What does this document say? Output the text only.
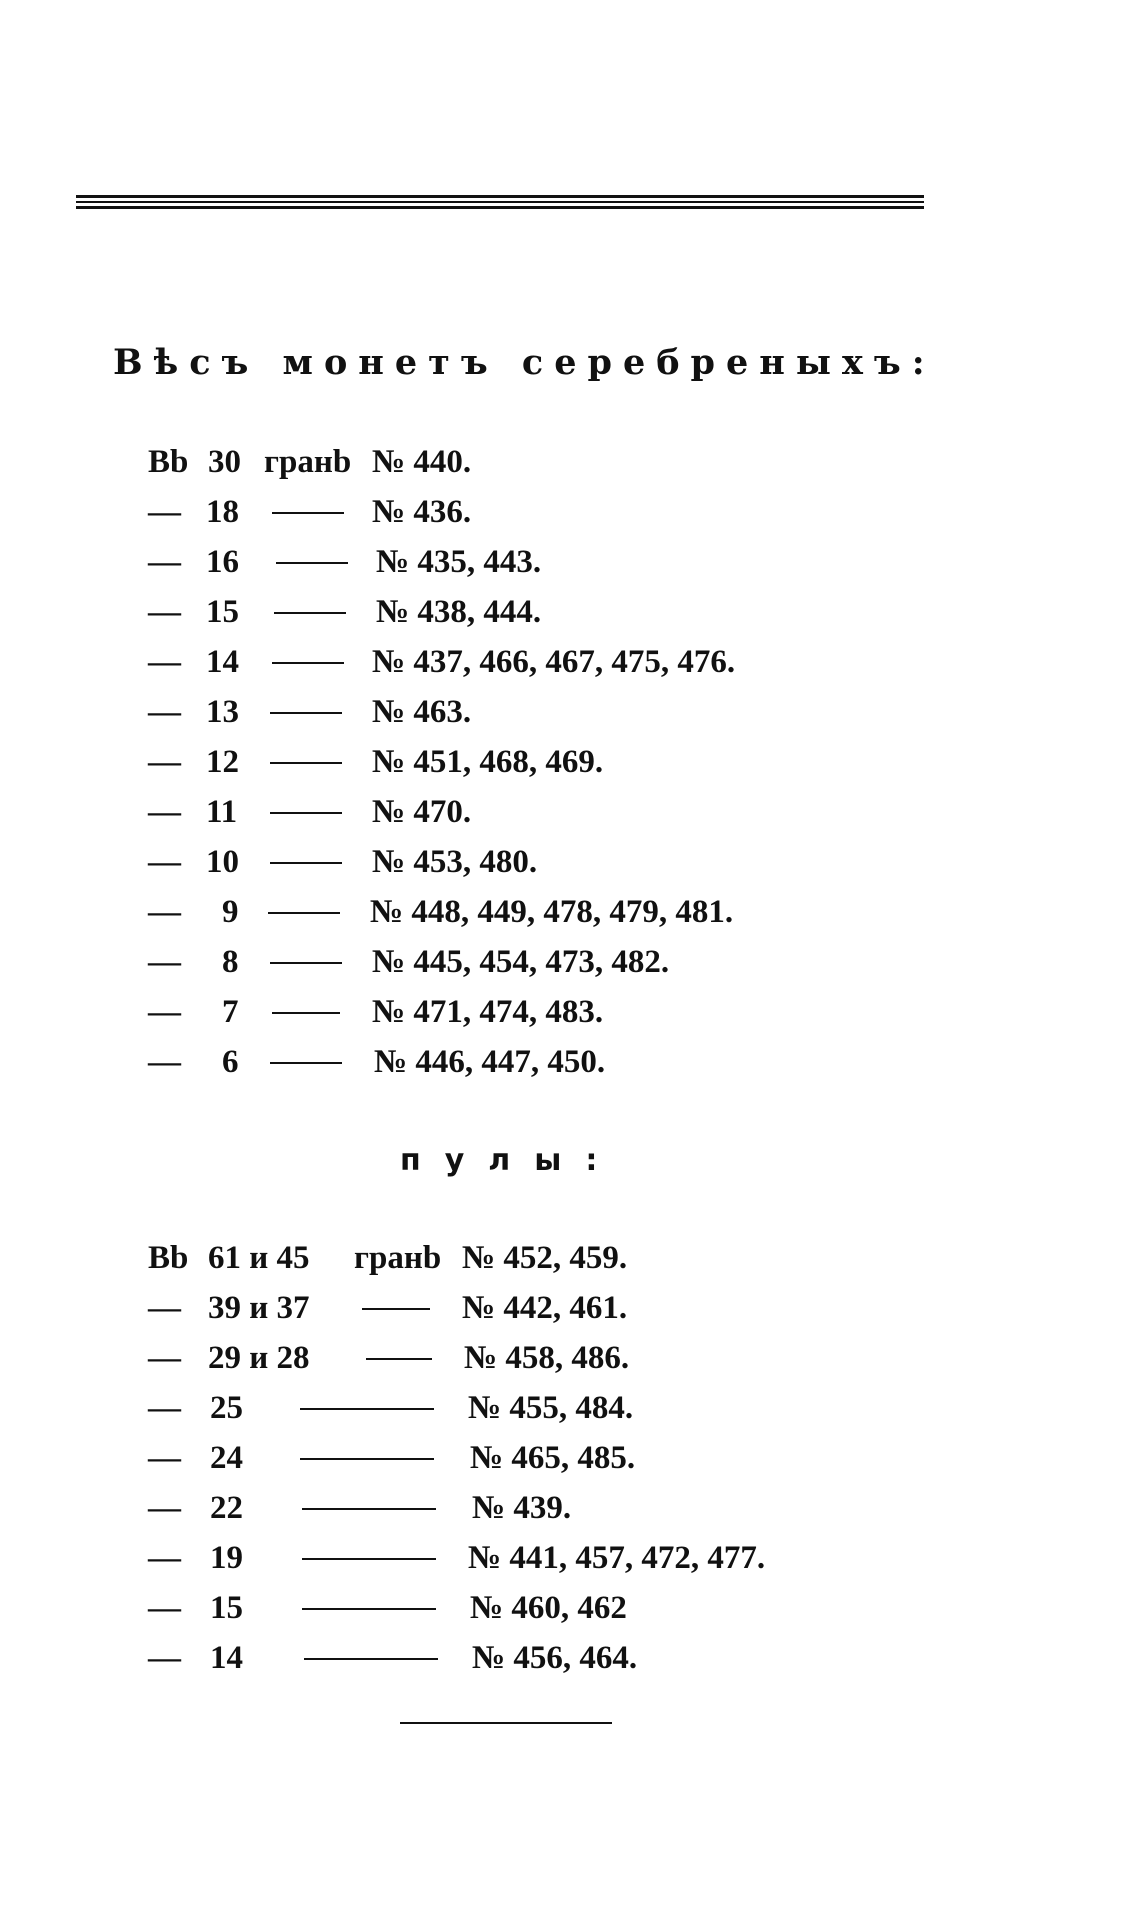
Вѣсъ монетъ серебреныхъ:
Вb 30 гранb № 440.
— 18	№ 436.
— 16	№ 435, 443.
— 15	№ 438, 444.
— 14	№ 437, 466, 467, 475, 476.
— 13	№ 463.
— 12	№ 451, 468, 469.
— 11	№ 470.
— 10	№ 453, 480.
— 9	№ 448, 449, 478, 479, 481.
— 8	№ 445, 454, 473, 482.
— 7	№ 471, 474, 483.
— 6	№ 446, 447, 450.
пулы:
Вb 61 и 45 гранb № 452, 459.
— 39 и 37	№ 442, 461.
— 29 и 28	№ 458, 486.
— 25	№ 455, 484.
— 24	№ 465, 485.
— 22	№ 439.
— 19	№ 441, 457, 472, 477.
— 15	№ 460, 462
— 14	№ 456, 464.
